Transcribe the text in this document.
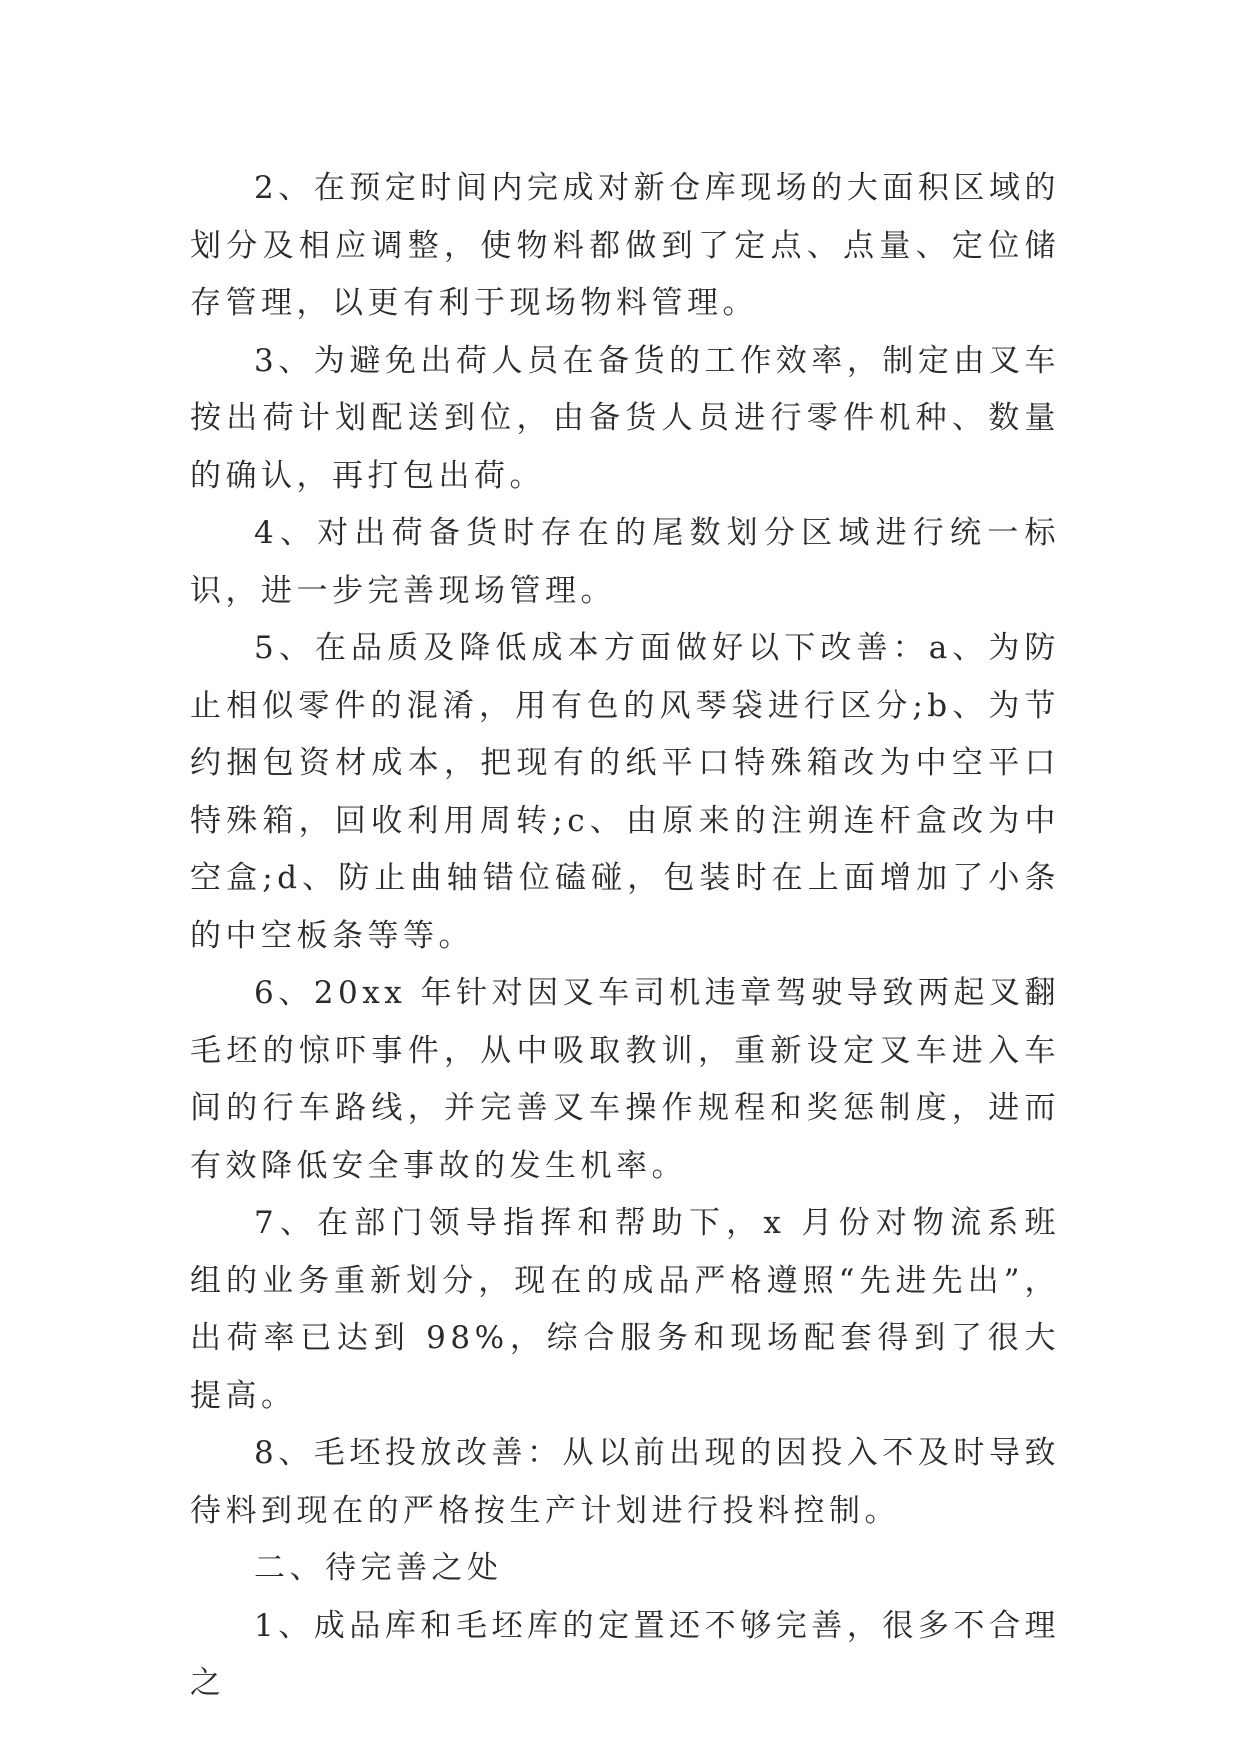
2、在预定时间内完成对新仓库现场的大面积区域的划分及相应调整，使物料都做到了定点、点量、定位储存管理，以更有利于现场物料管理。

3、为避免出荷人员在备货的工作效率，制定由叉车按出荷计划配送到位，由备货人员进行零件机种、数量的确认，再打包出荷。

4、对出荷备货时存在的尾数划分区域进行统一标识，进一步完善现场管理。

5、在品质及降低成本方面做好以下改善：a、为防止相似零件的混淆，用有色的风琴袋进行区分;b、为节约捆包资材成本，把现有的纸平口特殊箱改为中空平口特殊箱，回收利用周转;c、由原来的注朔连杆盒改为中空盒;d、防止曲轴错位磕碰，包装时在上面增加了小条的中空板条等等。

6、20xx 年针对因叉车司机违章驾驶导致两起叉翻毛坯的惊吓事件，从中吸取教训，重新设定叉车进入车间的行车路线，并完善叉车操作规程和奖惩制度，进而有效降低安全事故的发生机率。

7、在部门领导指挥和帮助下，x 月份对物流系班组的业务重新划分，现在的成品严格遵照“先进先出”，出荷率已达到 98%，综合服务和现场配套得到了很大提高。

8、毛坯投放改善：从以前出现的因投入不及时导致待料到现在的严格按生产计划进行投料控制。

二、待完善之处

1、成品库和毛坯库的定置还不够完善，很多不合理之
